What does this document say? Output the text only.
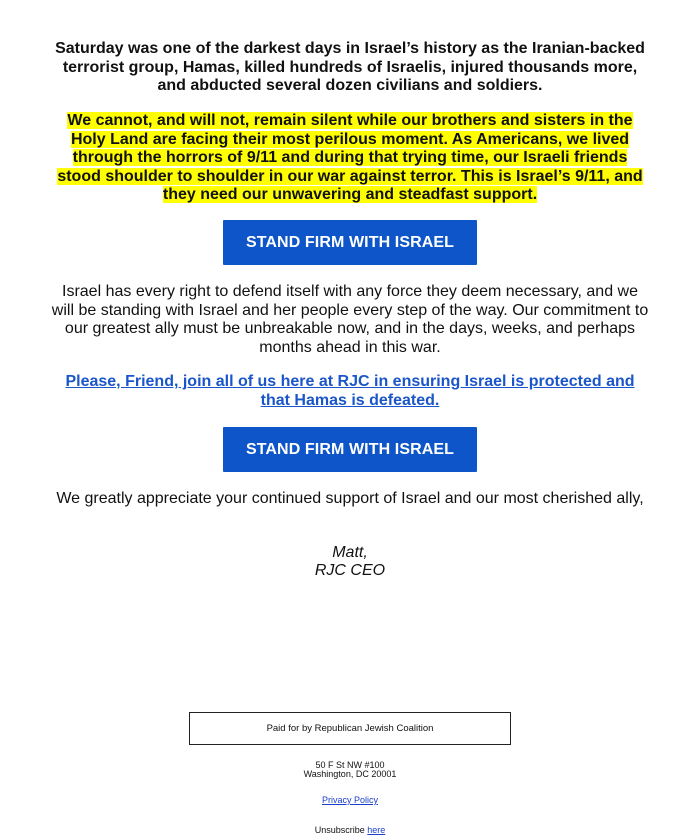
Saturday was one of the darkest days in Israel’s history as the Iranian-backed terrorist group, Hamas, killed hundreds of Israelis, injured thousands more, and abducted several dozen civilians and soldiers.

We cannot, and will not, remain silent while our brothers and sisters in the Holy Land are facing their most perilous moment. As Americans, we lived through the horrors of 9/11 and during that trying time, our Israeli friends stood shoulder to shoulder in our war against terror. This is Israel’s 9/11, and they need our unwavering and steadfast support.

STAND FIRM WITH ISRAEL

Israel has every right to defend itself with any force they deem necessary, and we will be standing with Israel and her people every step of the way. Our commitment to our greatest ally must be unbreakable now, and in the days, weeks, and perhaps months ahead in this war.

Please, Friend, join all of us here at RJC in ensuring Israel is protected and that Hamas is defeated.

STAND FIRM WITH ISRAEL

We greatly appreciate your continued support of Israel and our most cherished ally,

Matt,
RJC CEO
Paid for by Republican Jewish Coalition
50 F St NW #100
Washington, DC 20001
Privacy Policy
Unsubscribe here
